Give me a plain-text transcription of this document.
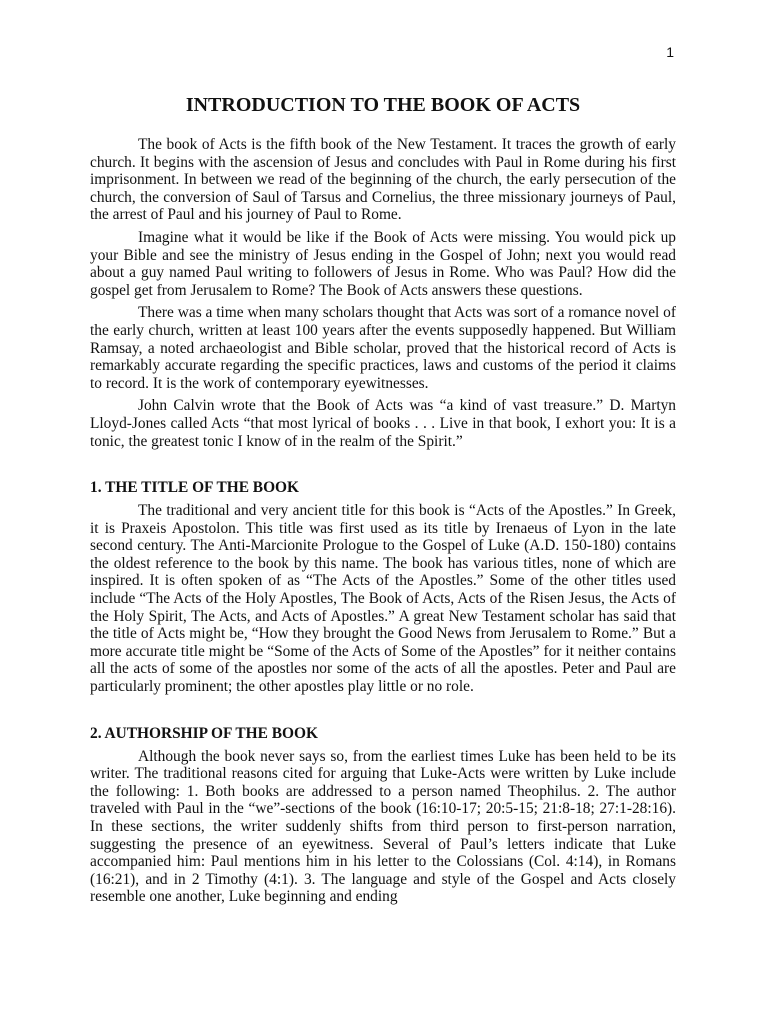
1
INTRODUCTION TO THE BOOK OF ACTS

The book of Acts is the fifth book of the New Testament. It traces the growth of early church. It begins with the ascension of Jesus and concludes with Paul in Rome during his first imprisonment. In between we read of the beginning of the church, the early persecution of the church, the conversion of Saul of Tarsus and Cornelius, the three missionary journeys of Paul, the arrest of Paul and his journey of Paul to Rome.

Imagine what it would be like if the Book of Acts were missing. You would pick up your Bible and see the ministry of Jesus ending in the Gospel of John; next you would read about a guy named Paul writing to followers of Jesus in Rome. Who was Paul? How did the gospel get from Jerusalem to Rome? The Book of Acts answers these questions.

There was a time when many scholars thought that Acts was sort of a romance novel of the early church, written at least 100 years after the events supposedly happened. But William Ramsay, a noted archaeologist and Bible scholar, proved that the historical record of Acts is remarkably accurate regarding the specific practices, laws and customs of the period it claims to record. It is the work of contemporary eyewitnesses.

John Calvin wrote that the Book of Acts was “a kind of vast treasure.” D. Martyn Lloyd-Jones called Acts “that most lyrical of books . . . Live in that book, I exhort you: It is a tonic, the greatest tonic I know of in the realm of the Spirit.”

1. THE TITLE OF THE BOOK

The traditional and very ancient title for this book is “Acts of the Apostles.” In Greek, it is Praxeis Apostolon. This title was first used as its title by Irenaeus of Lyon in the late second century. The Anti-Marcionite Prologue to the Gospel of Luke (A.D. 150-180) contains the oldest reference to the book by this name. The book has various titles, none of which are inspired. It is often spoken of as “The Acts of the Apostles.” Some of the other titles used include “The Acts of the Holy Apostles, The Book of Acts, Acts of the Risen Jesus, the Acts of the Holy Spirit, The Acts, and Acts of Apostles.” A great New Testament scholar has said that the title of Acts might be, “How they brought the Good News from Jerusalem to Rome.” But a more accurate title might be “Some of the Acts of Some of the Apostles” for it neither contains all the acts of some of the apostles nor some of the acts of all the apostles. Peter and Paul are particularly prominent; the other apostles play little or no role.

2. AUTHORSHIP OF THE BOOK

Although the book never says so, from the earliest times Luke has been held to be its writer. The traditional reasons cited for arguing that Luke-Acts were written by Luke include the following: 1. Both books are addressed to a person named Theophilus. 2. The author traveled with Paul in the “we”-sections of the book (16:10-17; 20:5-15; 21:8-18; 27:1-28:16). In these sections, the writer suddenly shifts from third person to first-person narration, suggesting the presence of an eyewitness. Several of Paul’s letters indicate that Luke accompanied him: Paul mentions him in his letter to the Colossians (Col. 4:14), in Romans (16:21), and in 2 Timothy (4:1). 3. The language and style of the Gospel and Acts closely resemble one another, Luke beginning and ending
